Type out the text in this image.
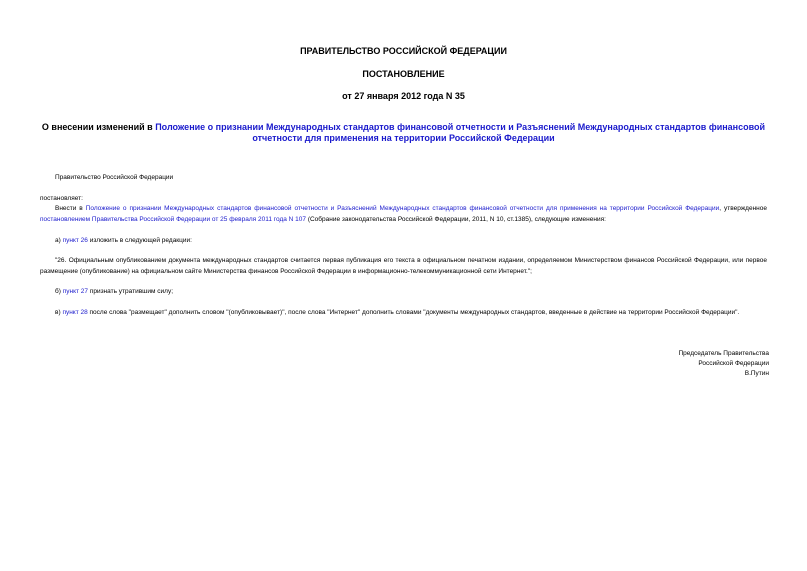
ПРАВИТЕЛЬСТВО РОССИЙСКОЙ ФЕДЕРАЦИИ
ПОСТАНОВЛЕНИЕ
от 27 января 2012 года N 35
О внесении изменений в Положение о признании Международных стандартов финансовой отчетности и Разъяснений Международных стандартов финансовой отчетности для применения на территории Российской Федерации
Правительство Российской Федерации
постановляет:
Внести в Положение о признании Международных стандартов финансовой отчетности и Разъяснений Международных стандартов финансовой отчетности для применения на территории Российской Федерации, утвержденное постановлением Правительства Российской Федерации от 25 февраля 2011 года N 107 (Собрание законодательства Российской Федерации, 2011, N 10, ст.1385), следующие изменения:
а) пункт 26 изложить в следующей редакции:
"26. Официальным опубликованием документа международных стандартов считается первая публикация его текста в официальном печатном издании, определяемом Министерством финансов Российской Федерации, или первое размещение (опубликование) на официальном сайте Министерства финансов Российской Федерации в информационно-телекоммуникационной сети Интернет.";
б) пункт 27 признать утратившим силу;
в) пункт 28 после слова "размещает" дополнить словом "(опубликовывает)", после слова "Интернет" дополнить словами "документы международных стандартов, введенные в действие на территории Российской Федерации".
Председатель Правительства
Российской Федерации
В.Путин
